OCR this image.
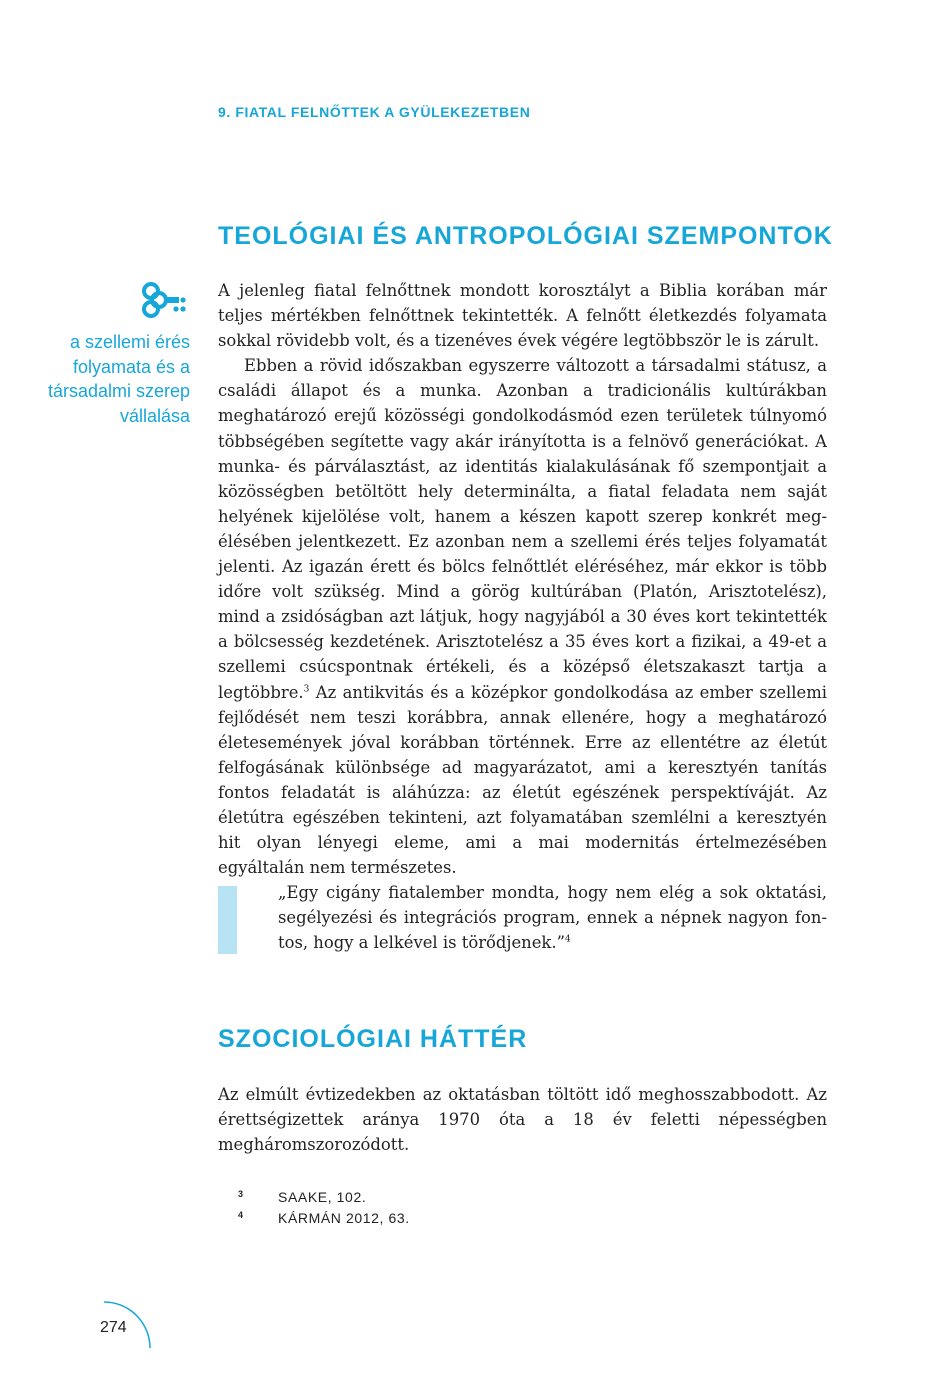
9. FIATAL FELNŐTTEK A GYÜLEKEZETBEN
TEOLÓGIAI ÉS ANTROPOLÓGIAI SZEMPONTOK
a szellemi érés folyamata és a társadalmi szerep vállalása

A jelenleg fiatal felnőttnek mondott korosztályt a Biblia korában már teljes mértékben felnőttnek tekintették. A felnőtt életkezdés folyamata sokkal rövidebb volt, és a tizenéves évek végére legtöbbször le is zárult.

Ebben a rövid időszakban egyszerre változott a társadalmi státusz, a családi állapot és a munka. Azonban a tradicionális kultúrákban meghatározó erejű közösségi gondolkodásmód ezen területek túlnyomó többségében segítette vagy akár irányította is a felnövő generációkat. A munka- és párválasztást, az identitás kialakulásának fő szempontjait a közösségben betöltött hely determinálta, a fiatal feladata nem saját helyének kijelölése volt, hanem a készen kapott szerep konkrét megélésében jelentkezett. Ez azonban nem a szellemi érés teljes folyamatát jelenti. Az igazán érett és bölcs felnőttlét eléréséhez, már ekkor is több időre volt szükség. Mind a görög kultúrában (Platón, Arisztotelész), mind a zsidóságban azt látjuk, hogy nagyjából a 30 éves kort tekintették a bölcsesség kezdetének. Arisztotelész a 35 éves kort a fizikai, a 49-et a szellemi csúcspontnak értékeli, és a középső életszakaszt tartja a legtöbbre.$^3$ Az antikvitás és a középkor gondolkodása az ember szellemi fejlődését nem teszi korábbra, annak ellenére, hogy a meghatározó életesemények jóval korábban történnek. Erre az ellentétre az életút felfogásának különbsége ad magyarázatot, ami a keresztyén tanítás fontos feladatát is aláhúzza: az életút egészének perspektíváját. Az életútra egészében tekinteni, azt folyamatában szemlélni a keresztyén hit olyan lényegi eleme, ami a mai modernitás értelmezésében egyáltalán nem természetes.

„Egy cigány fiatalember mondta, hogy nem elég a sok oktatási, segélyezési és integrációs program, ennek a népnek nagyon fontos, hogy a lelkével is törődjenek.”$^4$
SZOCIOLÓGIAI HÁTTÉR

Az elmúlt évtizedekben az oktatásban töltött idő meghosszabbodott. Az érettségizettek aránya 1970 óta a 18 év feletti népességben megháromszorozódott.

3	SAAKE, 102.
4	KÁRMÁN 2012, 63.
274
